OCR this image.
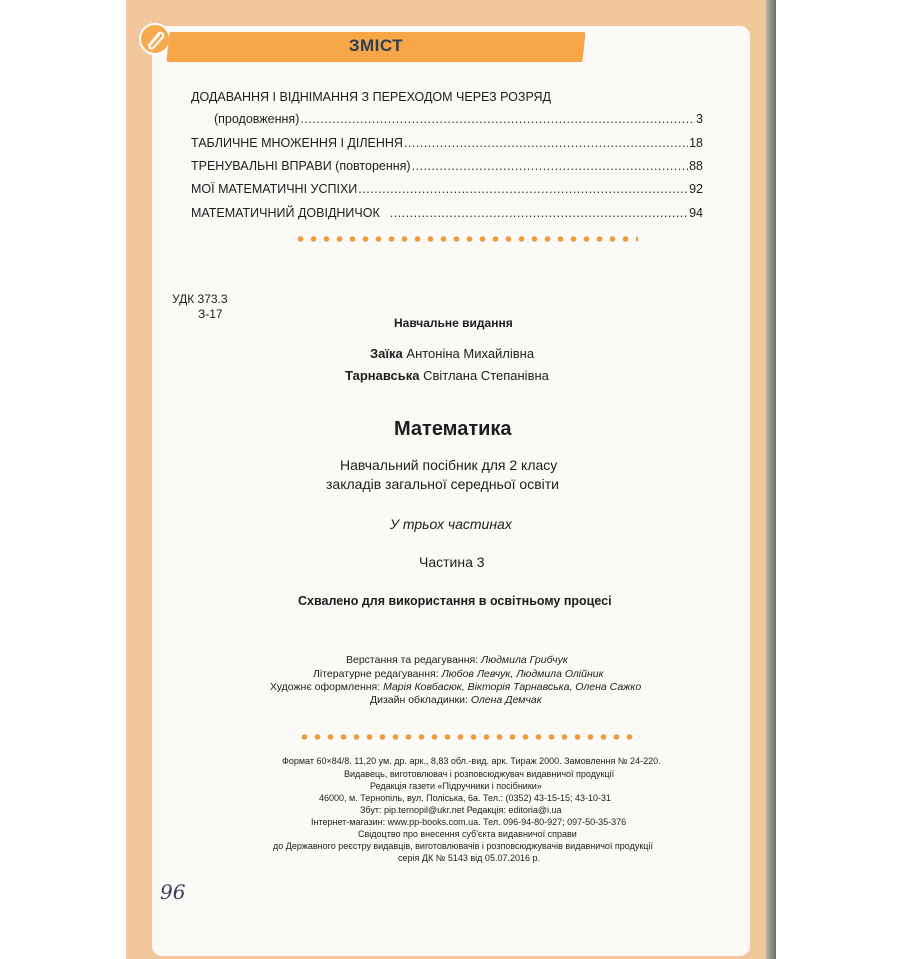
ЗМІСТ
ДОДАВАННЯ І ВІДНІМАННЯ З ПЕРЕХОДОМ ЧЕРЕЗ РОЗРЯД
(продовження) .....	3
ТАБЛИЧНЕ МНОЖЕННЯ І ДІЛЕННЯ .....	18
ТРЕНУВАЛЬНІ ВПРАВИ (повторення) .....	88
МОЇ МАТЕМАТИЧНІ УСПІХИ .....	92
МАТЕМАТИЧНИЙ ДОВІДНИЧОК .....	94
УДК 373.3
З-17
Навчальне видання
Заїка Антоніна Михайлівна
Тарнавська Світлана Степанівна
Математика
Навчальний посібник для 2 класу
закладів загальної середньої освіти
У трьох частинах
Частина 3
Схвалено для використання в освітньому процесі
Верстання та редагування: Людмила Грибчук
Літературне редагування: Любов Левчук, Людмила Олійник
Художнє оформлення: Марія Ковбасюк, Вікторія Тарнавська, Олена Сажко
Дизайн обкладинки: Олена Демчак
Формат 60×84/8. 11,20 ум. др. арк., 8,83 обл.-вид. арк. Тираж 2000. Замовлення № 24-220.
Видавець, виготовлювач і розповсюджувач видавничої продукції
Редакція газети «Підручники і посібники»
46000, м. Тернопіль, вул. Поліська, 6а. Тел.: (0352) 43-15-15; 43-10-31
Збут: pip.ternopil@ukr.net Редакція: editoria@i.ua
Інтернет-магазин: www.pp-books.com.ua. Тел. 096-94-80-927; 097-50-35-376
Свідоцтво про внесення суб'єкта видавничої справи
до Державного реєстру видавців, виготовлювачів і розповсюджувачів видавничої продукції
серія ДК № 5143 від 05.07.2016 р.
96
